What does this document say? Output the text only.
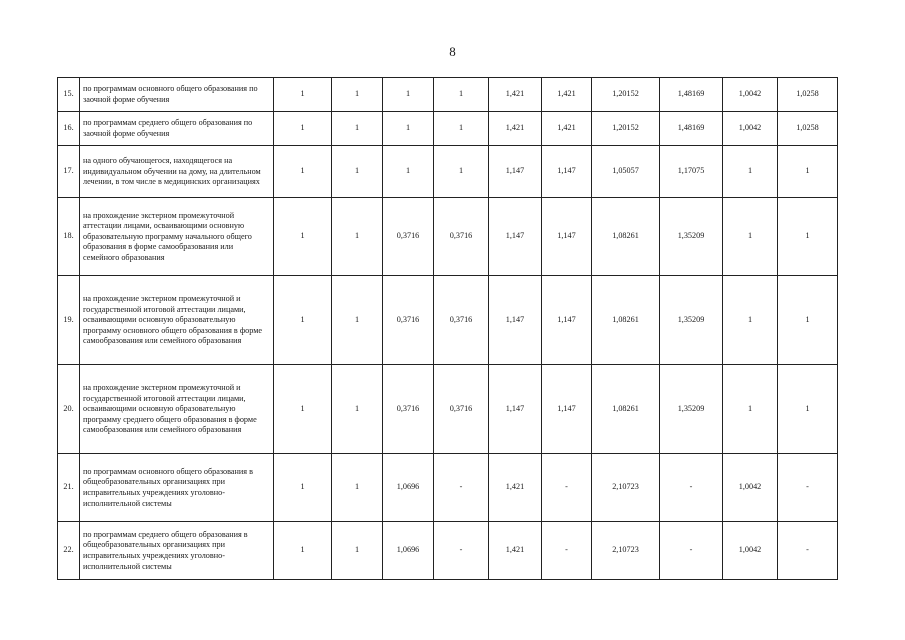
8
15.	по программам основного общего образования по заочной форме обучения	1	1	1	1	1,421	1,421	1,20152	1,48169	1,0042	1,0258
16.	по программам среднего общего образования по заочной форме обучения	1	1	1	1	1,421	1,421	1,20152	1,48169	1,0042	1,0258
17.	на одного обучающегося, находящегося на индивидуальном обучении на дому, на длительном лечении, в том числе в медицинских организациях	1	1	1	1	1,147	1,147	1,05057	1,17075	1	1
18.	на прохождение экстерном промежуточной аттестации лицами, осваивающими основную образовательную программу начального общего образования в форме самообразования или семейного образования	1	1	0,3716	0,3716	1,147	1,147	1,08261	1,35209	1	1
19.	на прохождение экстерном промежуточной и государственной итоговой аттестации лицами, осваивающими основную образовательную программу основного общего образования в форме самообразования или семейного образования	1	1	0,3716	0,3716	1,147	1,147	1,08261	1,35209	1	1
20.	на прохождение экстерном промежуточной и государственной итоговой аттестации лицами, осваивающими основную образовательную программу среднего общего образования в форме самообразования или семейного образования	1	1	0,3716	0,3716	1,147	1,147	1,08261	1,35209	1	1
21.	по программам основного общего образования в общеобразовательных организациях при исправительных учреждениях уголовно-исполнительной системы	1	1	1,0696	-	1,421	-	2,10723	-	1,0042	-
22.	по программам среднего общего образования в общеобразовательных организациях при исправительных учреждениях уголовно-исполнительной системы	1	1	1,0696	-	1,421	-	2,10723	-	1,0042	-
